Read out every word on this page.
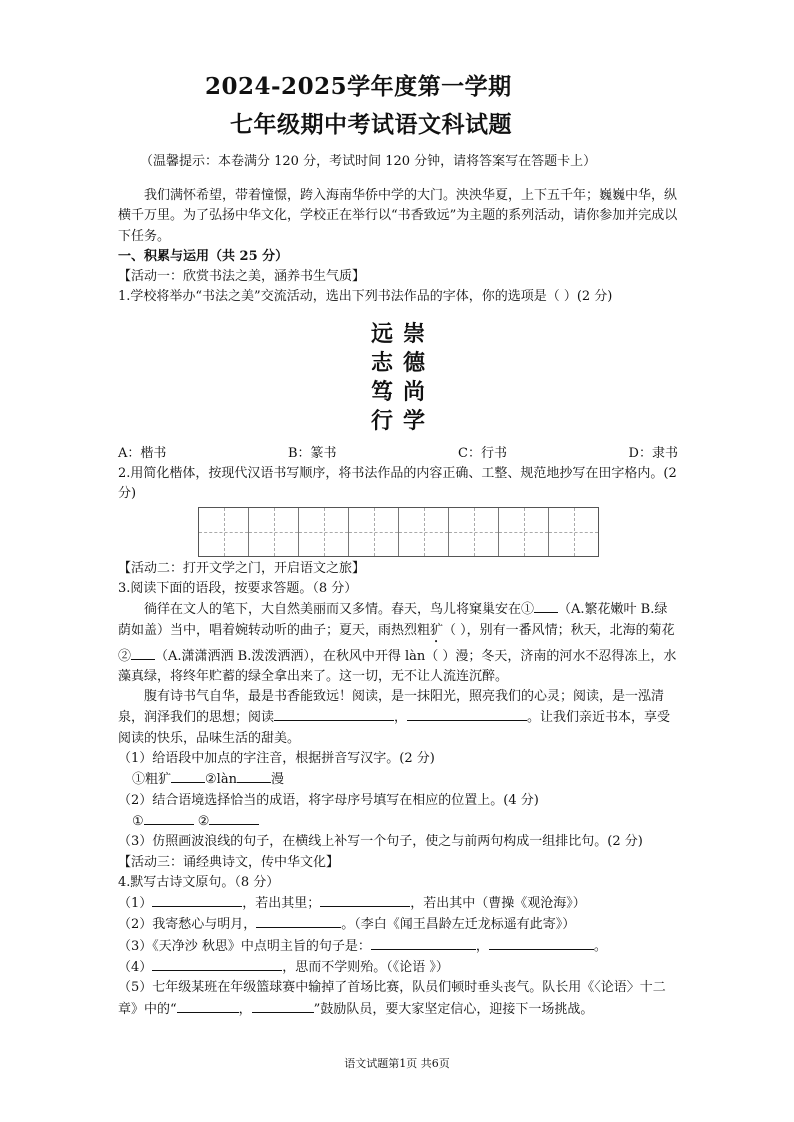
2024-2025学年度第一学期
七年级期中考试语文科试题
（温馨提示：本卷满分 120 分，考试时间 120 分钟，请将答案写在答题卡上）

我们满怀希望，带着憧憬，跨入海南华侨中学的大门。泱泱华夏，上下五千年；巍巍中华，纵横千万里。为了弘扬中华文化，学校正在举行以“书香致远”为主题的系列活动，请你参加并完成以下任务。

一、积累与运用（共 25 分）

【活动一：欣赏书法之美，涵养书生气质】

1.学校将举办“书法之美”交流活动，选出下列书法作品的字体，你的选项是（ ）(2 分)

远
志
笃
行
崇
德
尚
学
A：楷书	B：篆书	C：行书	D：隶书

2.用简化楷体，按现代汉语书写顺序，将书法作品的内容正确、工整、规范地抄写在田字格内。(2 分)

【活动二：打开文学之门，开启语文之旅】

3.阅读下面的语段，按要求答题。（8 分）

徜徉在文人的笔下，大自然美丽而又多情。春天，鸟儿将窠巢安在① （A.繁花嫩叶 B.绿荫如盖）当中，唱着婉转动听的曲子；夏天，雨热烈粗犷（ ），别有一番风情；秋天，北海的菊花② （A.潇潇洒洒 B.泼泼洒洒），在秋风中开得 làn（ ）漫；冬天，济南的河水不忍得冻上，水藻真绿，将终年贮蓄的绿全拿出来了。这一切，无不让人流连沉醉。

腹有诗书气自华，最是书香能致远！阅读，是一抹阳光，照亮我们的心灵；阅读，是一泓清泉，润泽我们的思想；阅读	，	。让我们亲近书本，享受阅读的快乐，品味生活的甜美。

（1）给语段中加点的字注音，根据拼音写汉字。(2 分)

①粗犷	②làn	漫

（2）结合语境选择恰当的成语，将字母序号填写在相应的位置上。(4 分)

①	②

（3）仿照画波浪线的句子，在横线上补写一个句子，使之与前两句构成一组排比句。(2 分)

【活动三：诵经典诗文，传中华文化】

4.默写古诗文原句。（8 分）

（1）	，若出其里；	，若出其中（曹操《观沧海》）

（2）我寄愁心与明月，	。（李白《闻王昌龄左迁龙标遥有此寄》）

（3）《天净沙 秋思》中点明主旨的句子是：	，	。

（4）	，思而不学则殆。（《论语 》）

（5）七年级某班在年级篮球赛中输掉了首场比赛，队员们顿时垂头丧气。队长用《〈论语〉十二章》中的“	，	”鼓励队员，要大家坚定信心，迎接下一场挑战。

语文试题第1页 共6页
